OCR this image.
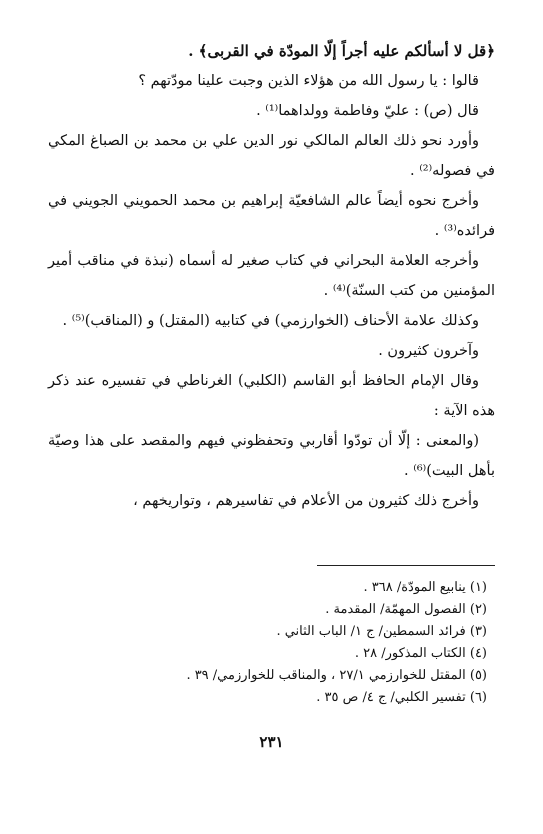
﴿قل لا أسألكم عليه أجراً إلّا المودّة في القربى﴾ .

قالوا : يا رسول الله من هؤلاء الذين وجبت علينا مودّتهم ؟

قال (ص) : عليّ وفاطمة وولداهما⁽¹⁾ .

وأورد نحو ذلك العالم المالكي نور الدين علي بن محمد بن الصباغ المكي في فصوله⁽²⁾ .

وأخرج نحوه أيضاً عالم الشافعيّة إبراهيم بن محمد الحمويني الجويني في فرائده⁽³⁾ .

وأخرجه العلامة البحراني في كتاب صغير له أسماه (نبذة في مناقب أمير المؤمنين من كتب السنّة)⁽⁴⁾ .

وكذلك علامة الأحناف (الخوارزمي) في كتابيه (المقتل) و (المناقب)⁽⁵⁾ .

وآخرون كثيرون .

وقال الإمام الحافظ أبو القاسم (الكلبي) الغرناطي في تفسيره عند ذكر هذه الآية :

(والمعنى : إلّا أن تودّوا أقاربي وتحفظوني فيهم والمقصد على هذا وصيّة بأهل البيت)⁽⁶⁾ .

وأخرج ذلك كثيرون من الأعلام في تفاسيرهم ، وتواريخهم ،

(١) ينابيع المودّة/ ٣٦٨ .
(٢) الفصول المهمّة/ المقدمة .
(٣) فرائد السمطين/ ج ١/ الباب الثاني .
(٤) الكتاب المذكور/ ٢٨ .
(٥) المقتل للخوارزمي ٢٧/١ ، والمناقب للخوارزمي/ ٣٩ .
(٦) تفسير الكلبي/ ج ٤/ ص ٣٥ .
٢٣١
